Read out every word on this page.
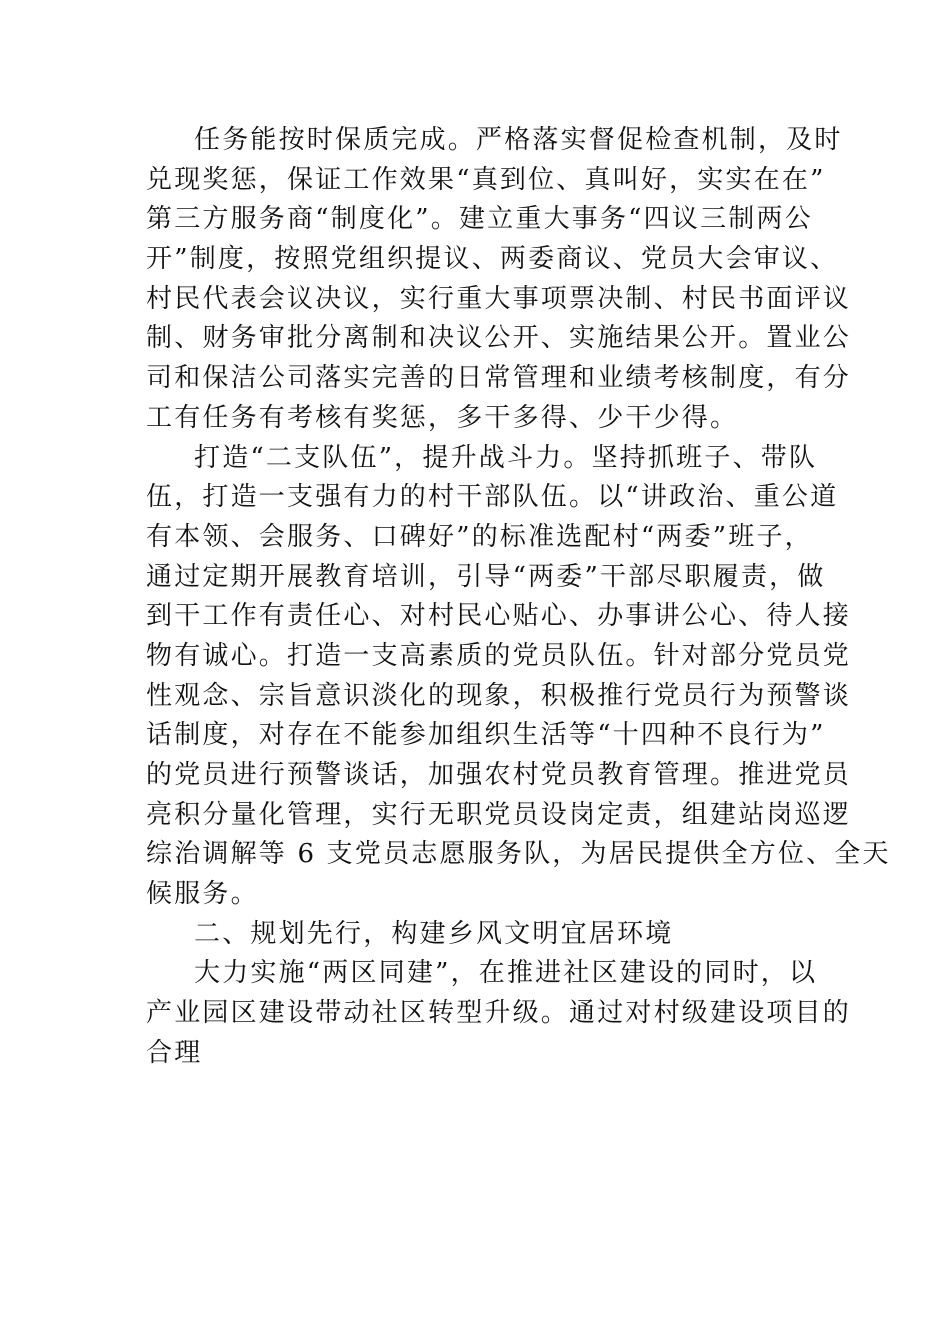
任务能按时保质完成。严格落实督促检查机制，及时
兑现奖惩，保证工作效果“真到位、真叫好，实实在在”
第三方服务商“制度化”。建立重大事务“四议三制两公
开”制度，按照党组织提议、两委商议、党员大会审议、
村民代表会议决议，实行重大事项票决制、村民书面评议
制、财务审批分离制和决议公开、实施结果公开。置业公
司和保洁公司落实完善的日常管理和业绩考核制度，有分
工有任务有考核有奖惩，多干多得、少干少得。
打造“二支队伍”，提升战斗力。坚持抓班子、带队
伍，打造一支强有力的村干部队伍。以“讲政治、重公道
有本领、会服务、口碑好”的标准选配村“两委”班子，
通过定期开展教育培训，引导“两委”干部尽职履责，做
到干工作有责任心、对村民心贴心、办事讲公心、待人接
物有诚心。打造一支高素质的党员队伍。针对部分党员党
性观念、宗旨意识淡化的现象，积极推行党员行为预警谈
话制度，对存在不能参加组织生活等“十四种不良行为”
的党员进行预警谈话，加强农村党员教育管理。推进党员
亮积分量化管理，实行无职党员设岗定责，组建站岗巡逻
综治调解等 6 支党员志愿服务队，为居民提供全方位、全天
候服务。
二、规划先行，构建乡风文明宜居环境
大力实施“两区同建”，在推进社区建设的同时，以
产业园区建设带动社区转型升级。通过对村级建设项目的
合理
